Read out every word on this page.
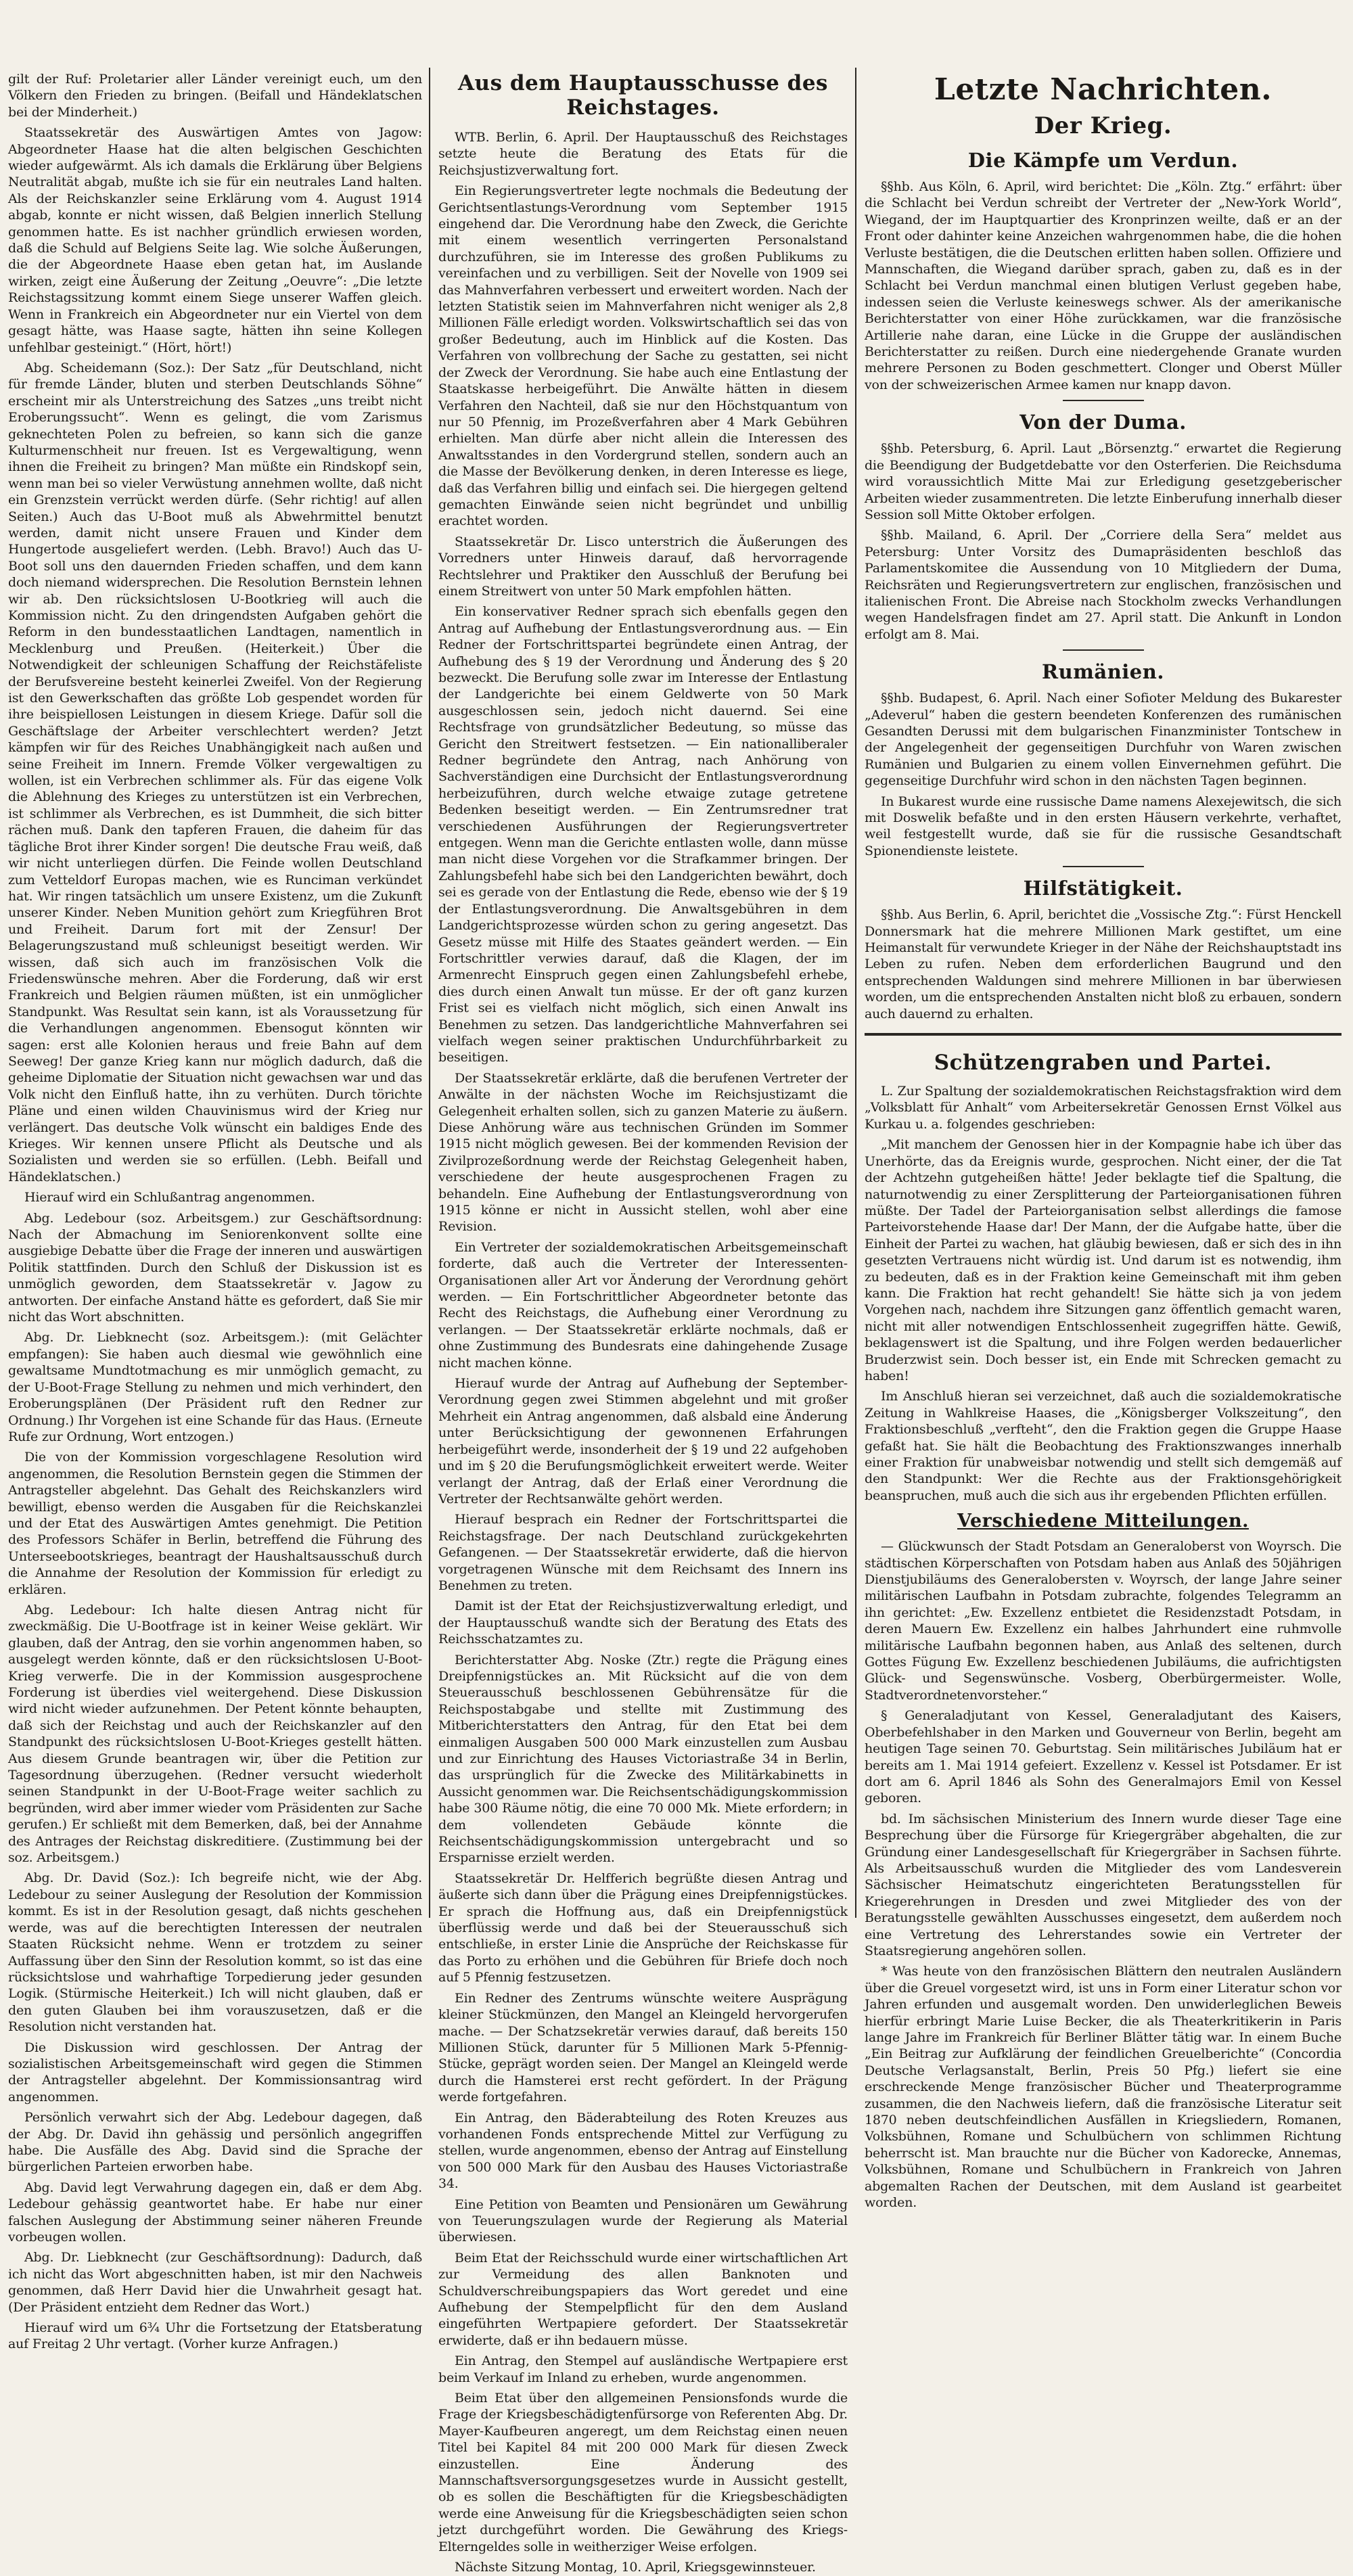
gilt der Ruf: Proletarier aller Länder vereinigt euch, um den Völkern den Frieden zu bringen. (Beifall und Händeklatschen bei der Minderheit.)

Staatssekretär des Auswärtigen Amtes von Jagow: Abgeordneter Haase hat die alten belgischen Geschichten wieder aufgewärmt. Als ich damals die Erklärung über Belgiens Neutralität abgab, mußte ich sie für ein neutrales Land halten. Als der Reichskanzler seine Erklärung vom 4. August 1914 abgab, konnte er nicht wissen, daß Belgien innerlich Stellung genommen hatte. Es ist nachher gründlich erwiesen worden, daß die Schuld auf Belgiens Seite lag. Wie solche Äußerungen, die der Abgeordnete Haase eben getan hat, im Auslande wirken, zeigt eine Äußerung der Zeitung „Oeuvre“: „Die letzte Reichstagssitzung kommt einem Siege unserer Waffen gleich. Wenn in Frankreich ein Abgeordneter nur ein Viertel von dem gesagt hätte, was Haase sagte, hätten ihn seine Kollegen unfehlbar gesteinigt.“ (Hört, hört!)

Abg. Scheidemann (Soz.): Der Satz „für Deutschland, nicht für fremde Länder, bluten und sterben Deutschlands Söhne“ erscheint mir als Unterstreichung des Satzes „uns treibt nicht Eroberungssucht“. Wenn es gelingt, die vom Zarismus geknechteten Polen zu befreien, so kann sich die ganze Kulturmenschheit nur freuen. Ist es Vergewaltigung, wenn ihnen die Freiheit zu bringen? Man müßte ein Rindskopf sein, wenn man bei so vieler Verwüstung annehmen wollte, daß nicht ein Grenzstein verrückt werden dürfe. (Sehr richtig! auf allen Seiten.) Auch das U-Boot muß als Abwehrmittel benutzt werden, damit nicht unsere Frauen und Kinder dem Hungertode ausgeliefert werden. (Lebh. Bravo!) Auch das U-Boot soll uns den dauernden Frieden schaffen, und dem kann doch niemand widersprechen. Die Resolution Bernstein lehnen wir ab. Den rücksichtslosen U-Bootkrieg will auch die Kommission nicht. Zu den dringendsten Aufgaben gehört die Reform in den bundesstaatlichen Landtagen, namentlich in Mecklenburg und Preußen. (Heiterkeit.) Über die Notwendigkeit der schleunigen Schaffung der Reichstäfeliste der Berufsvereine besteht keinerlei Zweifel. Von der Regierung ist den Gewerkschaften das größte Lob gespendet worden für ihre beispiellosen Leistungen in diesem Kriege. Dafür soll die Geschäftslage der Arbeiter verschlechtert werden? Jetzt kämpfen wir für des Reiches Unabhängigkeit nach außen und seine Freiheit im Innern. Fremde Völker vergewaltigen zu wollen, ist ein Verbrechen schlimmer als. Für das eigene Volk die Ablehnung des Krieges zu unterstützen ist ein Verbrechen, ist schlimmer als Verbrechen, es ist Dummheit, die sich bitter rächen muß. Dank den tapferen Frauen, die daheim für das tägliche Brot ihrer Kinder sorgen! Die deutsche Frau weiß, daß wir nicht unterliegen dürfen. Die Feinde wollen Deutschland zum Vetteldorf Europas machen, wie es Runciman verkündet hat. Wir ringen tatsächlich um unsere Existenz, um die Zukunft unserer Kinder. Neben Munition gehört zum Kriegführen Brot und Freiheit. Darum fort mit der Zensur! Der Belagerungszustand muß schleunigst beseitigt werden. Wir wissen, daß sich auch im französischen Volk die Friedenswünsche mehren. Aber die Forderung, daß wir erst Frankreich und Belgien räumen müßten, ist ein unmöglicher Standpunkt. Was Resultat sein kann, ist als Voraussetzung für die Verhandlungen angenommen. Ebensogut könnten wir sagen: erst alle Kolonien heraus und freie Bahn auf dem Seeweg! Der ganze Krieg kann nur möglich dadurch, daß die geheime Diplomatie der Situation nicht gewachsen war und das Volk nicht den Einfluß hatte, ihn zu verhüten. Durch törichte Pläne und einen wilden Chauvinismus wird der Krieg nur verlängert. Das deutsche Volk wünscht ein baldiges Ende des Krieges. Wir kennen unsere Pflicht als Deutsche und als Sozialisten und werden sie so erfüllen. (Lebh. Beifall und Händeklatschen.)

Hierauf wird ein Schlußantrag angenommen.

Abg. Ledebour (soz. Arbeitsgem.) zur Geschäftsordnung: Nach der Abmachung im Seniorenkonvent sollte eine ausgiebige Debatte über die Frage der inneren und auswärtigen Politik stattfinden. Durch den Schluß der Diskussion ist es unmöglich geworden, dem Staatssekretär v. Jagow zu antworten. Der einfache Anstand hätte es gefordert, daß Sie mir nicht das Wort abschnitten.

Abg. Dr. Liebknecht (soz. Arbeitsgem.): (mit Gelächter empfangen): Sie haben auch diesmal wie gewöhnlich eine gewaltsame Mundtotmachung es mir unmöglich gemacht, zu der U-Boot-Frage Stellung zu nehmen und mich verhindert, den Eroberungsplänen (Der Präsident ruft den Redner zur Ordnung.) Ihr Vorgehen ist eine Schande für das Haus. (Erneute Rufe zur Ordnung, Wort entzogen.)

Die von der Kommission vorgeschlagene Resolution wird angenommen, die Resolution Bernstein gegen die Stimmen der Antragsteller abgelehnt. Das Gehalt des Reichskanzlers wird bewilligt, ebenso werden die Ausgaben für die Reichskanzlei und der Etat des Auswärtigen Amtes genehmigt. Die Petition des Professors Schäfer in Berlin, betreffend die Führung des Unterseebootskrieges, beantragt der Haushaltsausschuß durch die Annahme der Resolution der Kommission für erledigt zu erklären.

Abg. Ledebour: Ich halte diesen Antrag nicht für zweckmäßig. Die U-Bootfrage ist in keiner Weise geklärt. Wir glauben, daß der Antrag, den sie vorhin angenommen haben, so ausgelegt werden könnte, daß er den rücksichtslosen U-Boot-Krieg verwerfe. Die in der Kommission ausgesprochene Forderung ist überdies viel weitergehend. Diese Diskussion wird nicht wieder aufzunehmen. Der Petent könnte behaupten, daß sich der Reichstag und auch der Reichskanzler auf den Standpunkt des rücksichtslosen U-Boot-Krieges gestellt hätten. Aus diesem Grunde beantragen wir, über die Petition zur Tagesordnung überzugehen. (Redner versucht wiederholt seinen Standpunkt in der U-Boot-Frage weiter sachlich zu begründen, wird aber immer wieder vom Präsidenten zur Sache gerufen.) Er schließt mit dem Bemerken, daß, bei der Annahme des Antrages der Reichstag diskreditiere. (Zustimmung bei der soz. Arbeitsgem.)

Abg. Dr. David (Soz.): Ich begreife nicht, wie der Abg. Ledebour zu seiner Auslegung der Resolution der Kommission kommt. Es ist in der Resolution gesagt, daß nichts geschehen werde, was auf die berechtigten Interessen der neutralen Staaten Rücksicht nehme. Wenn er trotzdem zu seiner Auffassung über den Sinn der Resolution kommt, so ist das eine rücksichtslose und wahrhaftige Torpedierung jeder gesunden Logik. (Stürmische Heiterkeit.) Ich will nicht glauben, daß er den guten Glauben bei ihm vorauszusetzen, daß er die Resolution nicht verstanden hat.

Die Diskussion wird geschlossen. Der Antrag der sozialistischen Arbeitsgemeinschaft wird gegen die Stimmen der Antragsteller abgelehnt. Der Kommissionsantrag wird angenommen.

Persönlich verwahrt sich der Abg. Ledebour dagegen, daß der Abg. Dr. David ihn gehässig und persönlich angegriffen habe. Die Ausfälle des Abg. David sind die Sprache der bürgerlichen Parteien erworben habe.

Abg. David legt Verwahrung dagegen ein, daß er dem Abg. Ledebour gehässig geantwortet habe. Er habe nur einer falschen Auslegung der Abstimmung seiner näheren Freunde vorbeugen wollen.

Abg. Dr. Liebknecht (zur Geschäftsordnung): Dadurch, daß ich nicht das Wort abgeschnitten haben, ist mir den Nachweis genommen, daß Herr David hier die Unwahrheit gesagt hat. (Der Präsident entzieht dem Redner das Wort.)

Hierauf wird um 6¾ Uhr die Fortsetzung der Etatsberatung auf Freitag 2 Uhr vertagt. (Vorher kurze Anfragen.)

Aus dem Hauptausschusse des Reichstages.

WTB. Berlin, 6. April. Der Hauptausschuß des Reichstages setzte heute die Beratung des Etats für die Reichsjustizverwaltung fort.

Ein Regierungsvertreter legte nochmals die Bedeutung der Gerichtsentlastungs-Verordnung vom September 1915 eingehend dar. Die Verordnung habe den Zweck, die Gerichte mit einem wesentlich verringerten Personalstand durchzuführen, sie im Interesse des großen Publikums zu vereinfachen und zu verbilligen. Seit der Novelle von 1909 sei das Mahnverfahren verbessert und erweitert worden. Nach der letzten Statistik seien im Mahnverfahren nicht weniger als 2,8 Millionen Fälle erledigt worden. Volkswirtschaftlich sei das von großer Bedeutung, auch im Hinblick auf die Kosten. Das Verfahren von vollbrechung der Sache zu gestatten, sei nicht der Zweck der Verordnung. Sie habe auch eine Entlastung der Staatskasse herbeigeführt. Die Anwälte hätten in diesem Verfahren den Nachteil, daß sie nur den Höchstquantum von nur 50 Pfennig, im Prozeßverfahren aber 4 Mark Gebühren erhielten. Man dürfe aber nicht allein die Interessen des Anwaltsstandes in den Vordergrund stellen, sondern auch an die Masse der Bevölkerung denken, in deren Interesse es liege, daß das Verfahren billig und einfach sei. Die hiergegen geltend gemachten Einwände seien nicht begründet und unbillig erachtet worden.

Staatssekretär Dr. Lisco unterstrich die Äußerungen des Vorredners unter Hinweis darauf, daß hervorragende Rechtslehrer und Praktiker den Ausschluß der Berufung bei einem Streitwert von unter 50 Mark empfohlen hätten.

Ein konservativer Redner sprach sich ebenfalls gegen den Antrag auf Aufhebung der Entlastungsverordnung aus. — Ein Redner der Fortschrittspartei begründete einen Antrag, der Aufhebung des § 19 der Verordnung und Änderung des § 20 bezweckt. Die Berufung solle zwar im Interesse der Entlastung der Landgerichte bei einem Geldwerte von 50 Mark ausgeschlossen sein, jedoch nicht dauernd. Sei eine Rechtsfrage von grundsätzlicher Bedeutung, so müsse das Gericht den Streitwert festsetzen. — Ein nationalliberaler Redner begründete den Antrag, nach Anhörung von Sachverständigen eine Durchsicht der Entlastungsverordnung herbeizuführen, durch welche etwaige zutage getretene Bedenken beseitigt werden. — Ein Zentrumsredner trat verschiedenen Ausführungen der Regierungsvertreter entgegen. Wenn man die Gerichte entlasten wolle, dann müsse man nicht diese Vorgehen vor die Strafkammer bringen. Der Zahlungsbefehl habe sich bei den Landgerichten bewährt, doch sei es gerade von der Entlastung die Rede, ebenso wie der § 19 der Entlastungsverordnung. Die Anwaltsgebühren in dem Landgerichtsprozesse würden schon zu gering angesetzt. Das Gesetz müsse mit Hilfe des Staates geändert werden. — Ein Fortschrittler verwies darauf, daß die Klagen, der im Armenrecht Einspruch gegen einen Zahlungsbefehl erhebe, dies durch einen Anwalt tun müsse. Er der oft ganz kurzen Frist sei es vielfach nicht möglich, sich einen Anwalt ins Benehmen zu setzen. Das landgerichtliche Mahnverfahren sei vielfach wegen seiner praktischen Undurchführbarkeit zu beseitigen.

Der Staatssekretär erklärte, daß die berufenen Vertreter der Anwälte in der nächsten Woche im Reichsjustizamt die Gelegenheit erhalten sollen, sich zu ganzen Materie zu äußern. Diese Anhörung wäre aus technischen Gründen im Sommer 1915 nicht möglich gewesen. Bei der kommenden Revision der Zivilprozeßordnung werde der Reichstag Gelegenheit haben, verschiedene der heute ausgesprochenen Fragen zu behandeln. Eine Aufhebung der Entlastungsverordnung von 1915 könne er nicht in Aussicht stellen, wohl aber eine Revision.

Ein Vertreter der sozialdemokratischen Arbeitsgemeinschaft forderte, daß auch die Vertreter der Interessenten-Organisationen aller Art vor Änderung der Verordnung gehört werden. — Ein Fortschrittlicher Abgeordneter betonte das Recht des Reichstags, die Aufhebung einer Verordnung zu verlangen. — Der Staatssekretär erklärte nochmals, daß er ohne Zustimmung des Bundesrats eine dahingehende Zusage nicht machen könne.

Hierauf wurde der Antrag auf Aufhebung der September-Verordnung gegen zwei Stimmen abgelehnt und mit großer Mehrheit ein Antrag angenommen, daß alsbald eine Änderung unter Berücksichtigung der gewonnenen Erfahrungen herbeigeführt werde, insonderheit der § 19 und 22 aufgehoben und im § 20 die Berufungsmöglichkeit erweitert werde. Weiter verlangt der Antrag, daß der Erlaß einer Verordnung die Vertreter der Rechtsanwälte gehört werden.

Hierauf besprach ein Redner der Fortschrittspartei die Reichstagsfrage. Der nach Deutschland zurückgekehrten Gefangenen. — Der Staatssekretär erwiderte, daß die hiervon vorgetragenen Wünsche mit dem Reichsamt des Innern ins Benehmen zu treten.

Damit ist der Etat der Reichsjustizverwaltung erledigt, und der Hauptausschuß wandte sich der Beratung des Etats des Reichsschatzamtes zu.

Berichterstatter Abg. Noske (Ztr.) regte die Prägung eines Dreipfennigstückes an. Mit Rücksicht auf die von dem Steuerausschuß beschlossenen Gebührensätze für die Reichspostabgabe und stellte mit Zustimmung des Mitberichterstatters den Antrag, für den Etat bei dem einmaligen Ausgaben 500 000 Mark einzustellen zum Ausbau und zur Einrichtung des Hauses Victoriastraße 34 in Berlin, das ursprünglich für die Zwecke des Militärkabinetts in Aussicht genommen war. Die Reichsentschädigungskommission habe 300 Räume nötig, die eine 70 000 Mk. Miete erfordern; in dem vollendeten Gebäude könnte die Reichsentschädigungskommission untergebracht und so Ersparnisse erzielt werden.

Staatssekretär Dr. Helfferich begrüßte diesen Antrag und äußerte sich dann über die Prägung eines Dreipfennigstückes. Er sprach die Hoffnung aus, daß ein Dreipfennigstück überflüssig werde und daß bei der Steuerausschuß sich entschließe, in erster Linie die Ansprüche der Reichskasse für das Porto zu erhöhen und die Gebühren für Briefe doch noch auf 5 Pfennig festzusetzen.

Ein Redner des Zentrums wünschte weitere Ausprägung kleiner Stückmünzen, den Mangel an Kleingeld hervorgerufen mache. — Der Schatzsekretär verwies darauf, daß bereits 150 Millionen Stück, darunter für 5 Millionen Mark 5-Pfennig-Stücke, geprägt worden seien. Der Mangel an Kleingeld werde durch die Hamsterei erst recht gefördert. In der Prägung werde fortgefahren.

Ein Antrag, den Bäderabteilung des Roten Kreuzes aus vorhandenen Fonds entsprechende Mittel zur Verfügung zu stellen, wurde angenommen, ebenso der Antrag auf Einstellung von 500 000 Mark für den Ausbau des Hauses Victoriastraße 34.

Eine Petition von Beamten und Pensionären um Gewährung von Teuerungszulagen wurde der Regierung als Material überwiesen.

Beim Etat der Reichsschuld wurde einer wirtschaftlichen Art zur Vermeidung des allen Banknoten und Schuldverschreibungspapiers das Wort geredet und eine Aufhebung der Stempelpflicht für den dem Ausland eingeführten Wertpapiere gefordert. Der Staatssekretär erwiderte, daß er ihn bedauern müsse.

Ein Antrag, den Stempel auf ausländische Wertpapiere erst beim Verkauf im Inland zu erheben, wurde angenommen.

Beim Etat über den allgemeinen Pensionsfonds wurde die Frage der Kriegsbeschädigtenfürsorge von Referenten Abg. Dr. Mayer-Kaufbeuren angeregt, um dem Reichstag einen neuen Titel bei Kapitel 84 mit 200 000 Mark für diesen Zweck einzustellen. Eine Änderung des Mannschaftsversorgungsgesetzes wurde in Aussicht gestellt, ob es sollen die Beschäftigten für die Kriegsbeschädigten werde eine Anweisung für die Kriegsbeschädigten seien schon jetzt durchgeführt worden. Die Gewährung des Kriegs-Elterngeldes solle in weitherziger Weise erfolgen.

Nächste Sitzung Montag, 10. April, Kriegsgewinnsteuer.

Letzte Nachrichten.
Der Krieg.
Die Kämpfe um Verdun.

§§hb. Aus Köln, 6. April, wird berichtet: Die „Köln. Ztg.“ erfährt: über die Schlacht bei Verdun schreibt der Vertreter der „New-York World“, Wiegand, der im Hauptquartier des Kronprinzen weilte, daß er an der Front oder dahinter keine Anzeichen wahrgenommen habe, die die hohen Verluste bestätigen, die die Deutschen erlitten haben sollen. Offiziere und Mannschaften, die Wiegand darüber sprach, gaben zu, daß es in der Schlacht bei Verdun manchmal einen blutigen Verlust gegeben habe, indessen seien die Verluste keineswegs schwer. Als der amerikanische Berichterstatter von einer Höhe zurückkamen, war die französische Artillerie nahe daran, eine Lücke in die Gruppe der ausländischen Berichterstatter zu reißen. Durch eine niedergehende Granate wurden mehrere Personen zu Boden geschmettert. Clonger und Oberst Müller von der schweizerischen Armee kamen nur knapp davon.

Von der Duma.

§§hb. Petersburg, 6. April. Laut „Börsenztg.“ erwartet die Regierung die Beendigung der Budgetdebatte vor den Osterferien. Die Reichsduma wird voraussichtlich Mitte Mai zur Erledigung gesetzgeberischer Arbeiten wieder zusammentreten. Die letzte Einberufung innerhalb dieser Session soll Mitte Oktober erfolgen.

§§hb. Mailand, 6. April. Der „Corriere della Sera“ meldet aus Petersburg: Unter Vorsitz des Dumapräsidenten beschloß das Parlamentskomitee die Aussendung von 10 Mitgliedern der Duma, Reichsräten und Regierungsvertretern zur englischen, französischen und italienischen Front. Die Abreise nach Stockholm zwecks Verhandlungen wegen Handelsfragen findet am 27. April statt. Die Ankunft in London erfolgt am 8. Mai.

Rumänien.

§§hb. Budapest, 6. April. Nach einer Sofioter Meldung des Bukarester „Adeverul“ haben die gestern beendeten Konferenzen des rumänischen Gesandten Derussi mit dem bulgarischen Finanzminister Tontschew in der Angelegenheit der gegenseitigen Durchfuhr von Waren zwischen Rumänien und Bulgarien zu einem vollen Einvernehmen geführt. Die gegenseitige Durchfuhr wird schon in den nächsten Tagen beginnen.

In Bukarest wurde eine russische Dame namens Alexejewitsch, die sich mit Doswelik befaßte und in den ersten Häusern verkehrte, verhaftet, weil festgestellt wurde, daß sie für die russische Gesandtschaft Spionendienste leistete.

Hilfstätigkeit.

§§hb. Aus Berlin, 6. April, berichtet die „Vossische Ztg.“: Fürst Henckell Donnersmark hat die mehrere Millionen Mark gestiftet, um eine Heimanstalt für verwundete Krieger in der Nähe der Reichshauptstadt ins Leben zu rufen. Neben dem erforderlichen Baugrund und den entsprechenden Waldungen sind mehrere Millionen in bar überwiesen worden, um die entsprechenden Anstalten nicht bloß zu erbauen, sondern auch dauernd zu erhalten.

Schützengraben und Partei.

L. Zur Spaltung der sozialdemokratischen Reichstagsfraktion wird dem „Volksblatt für Anhalt“ vom Arbeitersekretär Genossen Ernst Völkel aus Kurkau u. a. folgendes geschrieben:

„Mit manchem der Genossen hier in der Kompagnie habe ich über das Unerhörte, das da Ereignis wurde, gesprochen. Nicht einer, der die Tat der Achtzehn gutgeheißen hätte! Jeder beklagte tief die Spaltung, die naturnotwendig zu einer Zersplitterung der Parteiorganisationen führen müßte. Der Tadel der Parteiorganisation selbst allerdings die famose Parteivorstehende Haase dar! Der Mann, der die Aufgabe hatte, über die Einheit der Partei zu wachen, hat gläubig bewiesen, daß er sich des in ihn gesetzten Vertrauens nicht würdig ist. Und darum ist es notwendig, ihm zu bedeuten, daß es in der Fraktion keine Gemeinschaft mit ihm geben kann. Die Fraktion hat recht gehandelt! Sie hätte sich ja von jedem Vorgehen nach, nachdem ihre Sitzungen ganz öffentlich gemacht waren, nicht mit aller notwendigen Entschlossenheit zugegriffen hätte. Gewiß, beklagenswert ist die Spaltung, und ihre Folgen werden bedauerlicher Bruderzwist sein. Doch besser ist, ein Ende mit Schrecken gemacht zu haben!

Im Anschluß hieran sei verzeichnet, daß auch die sozialdemokratische Zeitung in Wahlkreise Haases, die „Königsberger Volkszeitung“, den Fraktionsbeschluß „verfteht“, den die Fraktion gegen die Gruppe Haase gefaßt hat. Sie hält die Beobachtung des Fraktionszwanges innerhalb einer Fraktion für unabweisbar notwendig und stellt sich demgemäß auf den Standpunkt: Wer die Rechte aus der Fraktionsgehörigkeit beanspruchen, muß auch die sich aus ihr ergebenden Pflichten erfüllen.

Verschiedene Mitteilungen.

— Glückwunsch der Stadt Potsdam an Generaloberst von Woyrsch. Die städtischen Körperschaften von Potsdam haben aus Anlaß des 50jährigen Dienstjubiläums des Generalobersten v. Woyrsch, der lange Jahre seiner militärischen Laufbahn in Potsdam zubrachte, folgendes Telegramm an ihn gerichtet: „Ew. Exzellenz entbietet die Residenzstadt Potsdam, in deren Mauern Ew. Exzellenz ein halbes Jahrhundert eine ruhmvolle militärische Laufbahn begonnen haben, aus Anlaß des seltenen, durch Gottes Fügung Ew. Exzellenz beschiedenen Jubiläums, die aufrichtigsten Glück- und Segenswünsche. Vosberg, Oberbürgermeister. Wolle, Stadtverordnetenvorsteher.“

§ Generaladjutant von Kessel, Generaladjutant des Kaisers, Oberbefehlshaber in den Marken und Gouverneur von Berlin, begeht am heutigen Tage seinen 70. Geburtstag. Sein militärisches Jubiläum hat er bereits am 1. Mai 1914 gefeiert. Exzellenz v. Kessel ist Potsdamer. Er ist dort am 6. April 1846 als Sohn des Generalmajors Emil von Kessel geboren.

bd. Im sächsischen Ministerium des Innern wurde dieser Tage eine Besprechung über die Fürsorge für Kriegergräber abgehalten, die zur Gründung einer Landesgesellschaft für Kriegergräber in Sachsen führte. Als Arbeitsausschuß wurden die Mitglieder des vom Landesverein Sächsischer Heimatschutz eingerichteten Beratungsstellen für Kriegerehrungen in Dresden und zwei Mitglieder des von der Beratungsstelle gewählten Ausschusses eingesetzt, dem außerdem noch eine Vertretung des Lehrerstandes sowie ein Vertreter der Staatsregierung angehören sollen.

* Was heute von den französischen Blättern den neutralen Ausländern über die Greuel vorgesetzt wird, ist uns in Form einer Literatur schon vor Jahren erfunden und ausgemalt worden. Den unwiderleglichen Beweis hierfür erbringt Marie Luise Becker, die als Theaterkritikerin in Paris lange Jahre im Frankreich für Berliner Blätter tätig war. In einem Buche „Ein Beitrag zur Aufklärung der feindlichen Greuelberichte“ (Concordia Deutsche Verlagsanstalt, Berlin, Preis 50 Pfg.) liefert sie eine erschreckende Menge französischer Bücher und Theaterprogramme zusammen, die den Nachweis liefern, daß die französische Literatur seit 1870 neben deutschfeindlichen Ausfällen in Kriegsliedern, Romanen, Volksbühnen, Romane und Schulbüchern von schlimmen Richtung beherrscht ist. Man brauchte nur die Bücher von Kadorecke, Annemas, Volksbühnen, Romane und Schulbüchern in Frankreich von Jahren abgemalten Rachen der Deutschen, mit dem Ausland ist gearbeitet worden.
